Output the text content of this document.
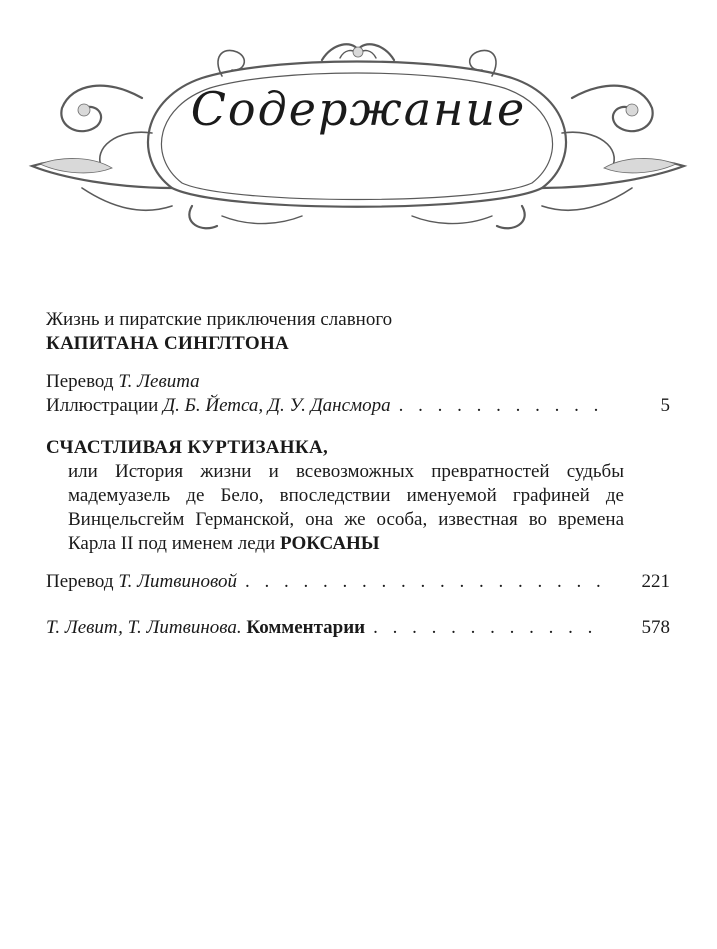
Содержание

Жизнь и пиратские приключения славного

КАПИТАНА СИНГЛТОНА

Перевод Т. Левита

Иллюстрации Д. Б. Йетса, Д. У. Дансмора . . .	5

СЧАСТЛИВАЯ КУРТИЗАНКА,

или История жизни и всевозможных превратностей судьбы мадемуазель де Бело, впоследствии именуемой графиней де Винцельсгейм Германской, она же особа, известная во времена Карла II под именем леди РОКСАНЫ

Перевод Т. Литвиновой . . .	221
Т. Левит, Т. Литвинова. Комментарии . . .	578
